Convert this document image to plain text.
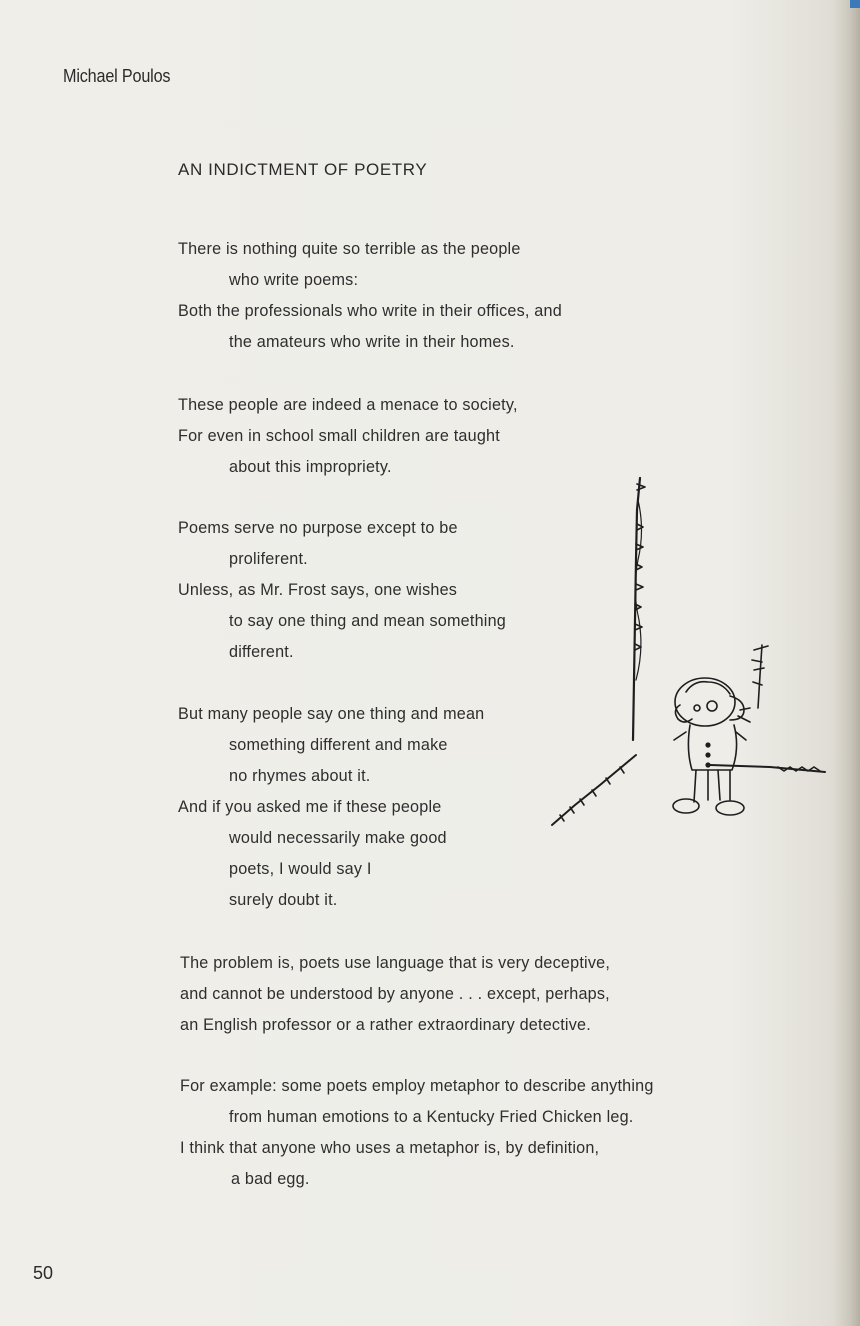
Michael Poulos
AN INDICTMENT OF POETRY
There is nothing quite so terrible as the people
who write poems:
Both the professionals who write in their offices, and
the amateurs who write in their homes.
These people are indeed a menace to society,
For even in school small children are taught
about this impropriety.
Poems serve no purpose except to be
proliferent.
Unless, as Mr. Frost says, one wishes
to say one thing and mean something
different.
But many people say one thing and mean
something different and make
no rhymes about it.
And if you asked me if these people
would necessarily make good
poets, I would say I
surely doubt it.
The problem is, poets use language that is very deceptive,
and cannot be understood by anyone . . . except, perhaps,
an English professor or a rather extraordinary detective.
For example: some poets employ metaphor to describe anything
from human emotions to a Kentucky Fried Chicken leg.
I think that anyone who uses a metaphor is, by definition,
a bad egg.
50
